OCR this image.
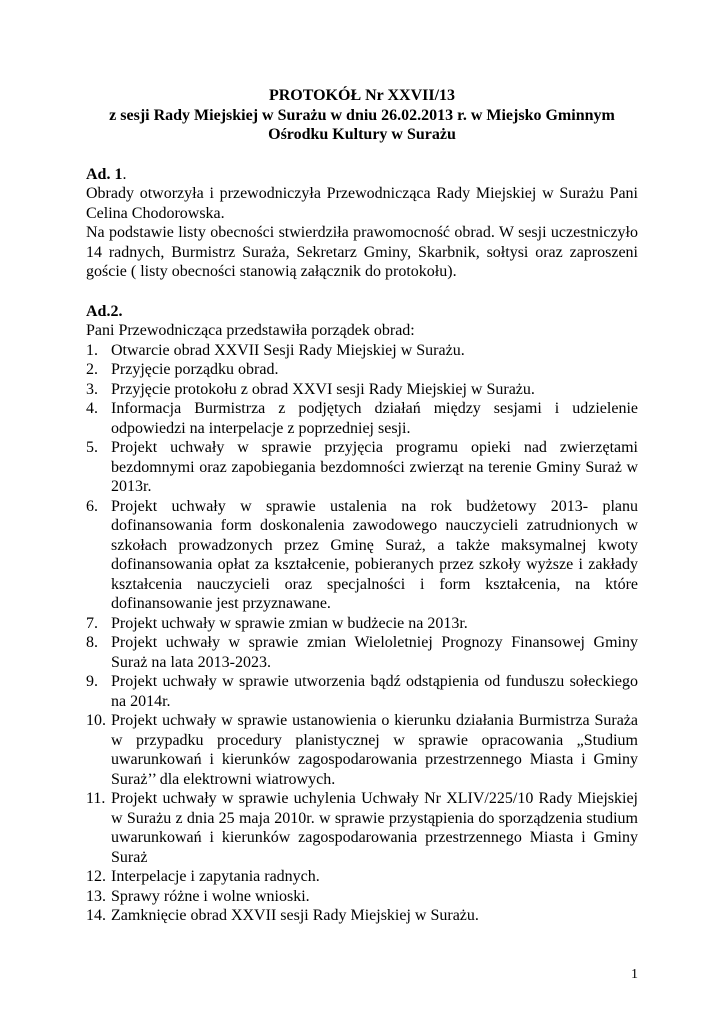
PROTOKÓŁ Nr XXVII/13
z sesji Rady Miejskiej w Surażu w dniu 26.02.2013 r. w Miejsko Gminnym
Ośrodku Kultury w Surażu
Ad. 1.
Obrady otworzyła i przewodniczyła Przewodnicząca Rady Miejskiej w Surażu Pani Celina Chodorowska.
Na podstawie listy obecności stwierdziła prawomocność obrad. W sesji uczestniczyło 14 radnych, Burmistrz Suraża, Sekretarz Gminy, Skarbnik, sołtysi oraz zaproszeni goście ( listy obecności stanowią załącznik do protokołu).
Ad.2.
Pani Przewodnicząca przedstawiła porządek obrad:
1. Otwarcie obrad XXVII Sesji Rady Miejskiej w Surażu.
2. Przyjęcie porządku obrad.
3. Przyjęcie protokołu z obrad XXVI sesji Rady Miejskiej w Surażu.
4. Informacja Burmistrza z podjętych działań między sesjami i udzielenie odpowiedzi na interpelacje z poprzedniej sesji.
5. Projekt uchwały w sprawie przyjęcia programu opieki nad zwierzętami bezdomnymi oraz zapobiegania bezdomności zwierząt na terenie Gminy Suraż w 2013r.
6. Projekt uchwały w sprawie ustalenia na rok budżetowy 2013- planu dofinansowania form doskonalenia zawodowego nauczycieli zatrudnionych w szkołach prowadzonych przez Gminę Suraż, a także maksymalnej kwoty dofinansowania opłat za kształcenie, pobieranych przez szkoły wyższe i zakłady kształcenia nauczycieli oraz specjalności i form kształcenia, na które dofinansowanie jest przyznawane.
7. Projekt uchwały w sprawie zmian w budżecie na 2013r.
8. Projekt uchwały w sprawie zmian Wieloletniej Prognozy Finansowej Gminy Suraż na lata 2013-2023.
9. Projekt uchwały w sprawie utworzenia bądź odstąpienia od funduszu sołeckiego na 2014r.
10. Projekt uchwały w sprawie ustanowienia o kierunku działania Burmistrza Suraża w przypadku procedury planistycznej w sprawie opracowania „Studium uwarunkowań i kierunków zagospodarowania przestrzennego Miasta i Gminy Suraż’’ dla elektrowni wiatrowych.
11. Projekt uchwały w sprawie uchylenia Uchwały Nr XLIV/225/10 Rady Miejskiej w Surażu z dnia 25 maja 2010r. w sprawie przystąpienia do sporządzenia studium uwarunkowań i kierunków zagospodarowania przestrzennego Miasta i Gminy Suraż
12. Interpelacje i zapytania radnych.
13. Sprawy różne i wolne wnioski.
14. Zamknięcie obrad XXVII sesji Rady Miejskiej w Surażu.
1
